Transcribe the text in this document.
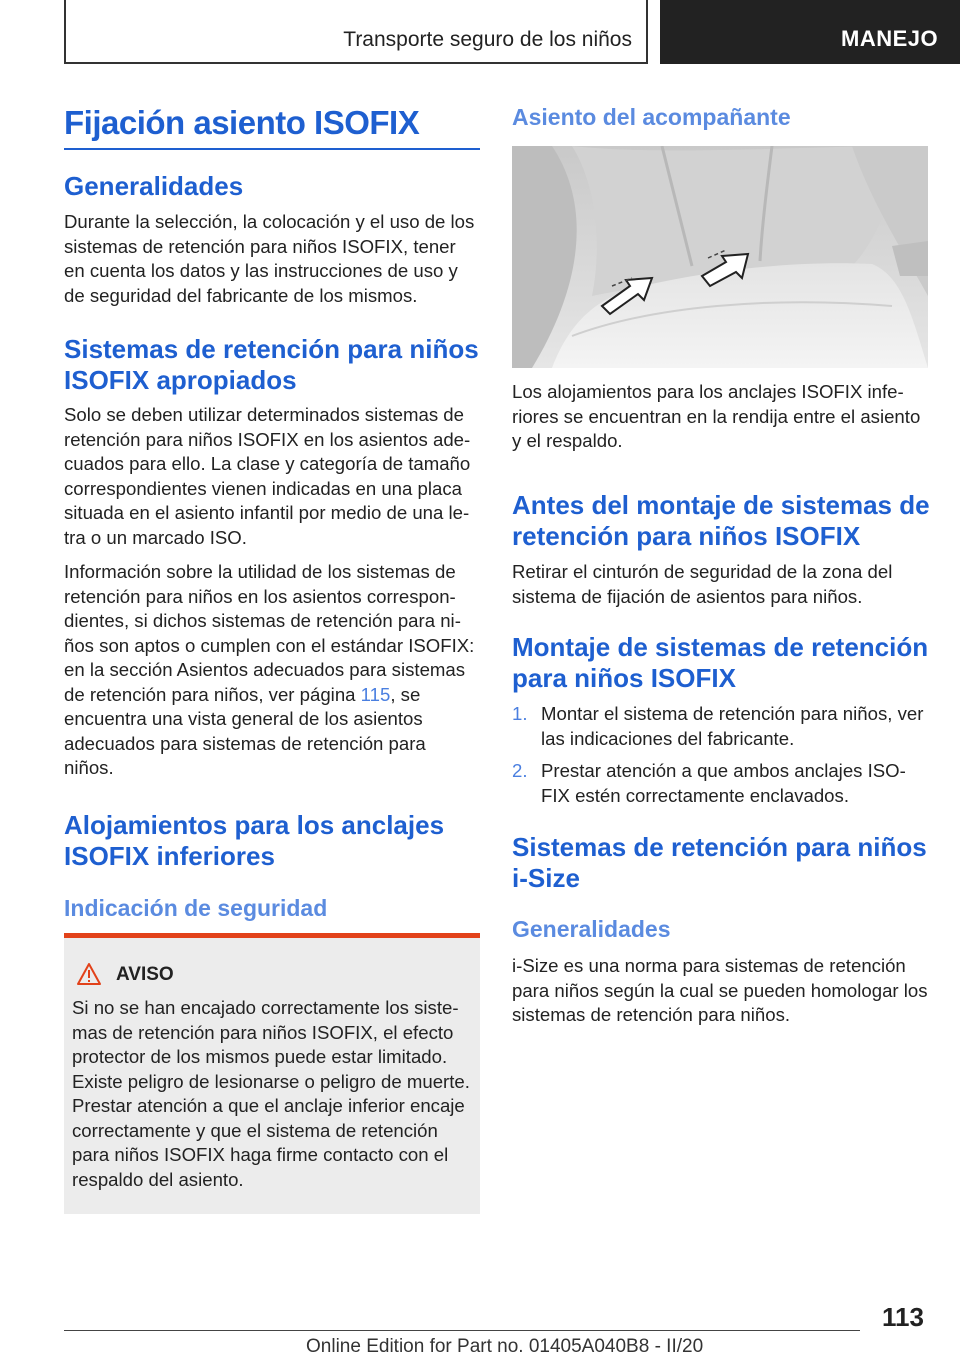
Transporte seguro de los niños	MANEJO
Fijación asiento ISOFIX
Generalidades
Durante la selección, la colocación y el uso de los sistemas de retención para niños ISOFIX, tener en cuenta los datos y las instrucciones de uso y de seguridad del fabricante de los mismos.
Sistemas de retención para niños ISOFIX apropiados
Solo se deben utilizar determinados sistemas de retención para niños ISOFIX en los asientos adecuados para ello. La clase y categoría de tamaño correspondientes vienen indicadas en una placa situada en el asiento infantil por medio de una letra o un marcado ISO.
Información sobre la utilidad de los sistemas de retención para niños en los asientos correspondientes, si dichos sistemas de retención para niños son aptos o cumplen con el estándar ISOFIX: en la sección Asientos adecuados para sistemas de retención para niños, ver página 115, se encuentra una vista general de los asientos adecuados para sistemas de retención para niños.
Alojamientos para los anclajes ISOFIX inferiores
Indicación de seguridad
AVISO
Si no se han encajado correctamente los sistemas de retención para niños ISOFIX, el efecto protector de los mismos puede estar limitado. Existe peligro de lesionarse o peligro de muerte. Prestar atención a que el anclaje inferior encaje correctamente y que el sistema de retención para niños ISOFIX haga firme contacto con el respaldo del asiento.
Asiento del acompañante
Los alojamientos para los anclajes ISOFIX inferiores se encuentran en la rendija entre el asiento y el respaldo.
Antes del montaje de sistemas de retención para niños ISOFIX
Retirar el cinturón de seguridad de la zona del sistema de fijación de asientos para niños.
Montaje de sistemas de retención para niños ISOFIX
1. Montar el sistema de retención para niños, ver las indicaciones del fabricante.
2. Prestar atención a que ambos anclajes ISOFIX estén correctamente enclavados.
Sistemas de retención para niños i-Size
Generalidades
i-Size es una norma para sistemas de retención para niños según la cual se pueden homologar los sistemas de retención para niños.
113
Online Edition for Part no. 01405A040B8 - II/20
